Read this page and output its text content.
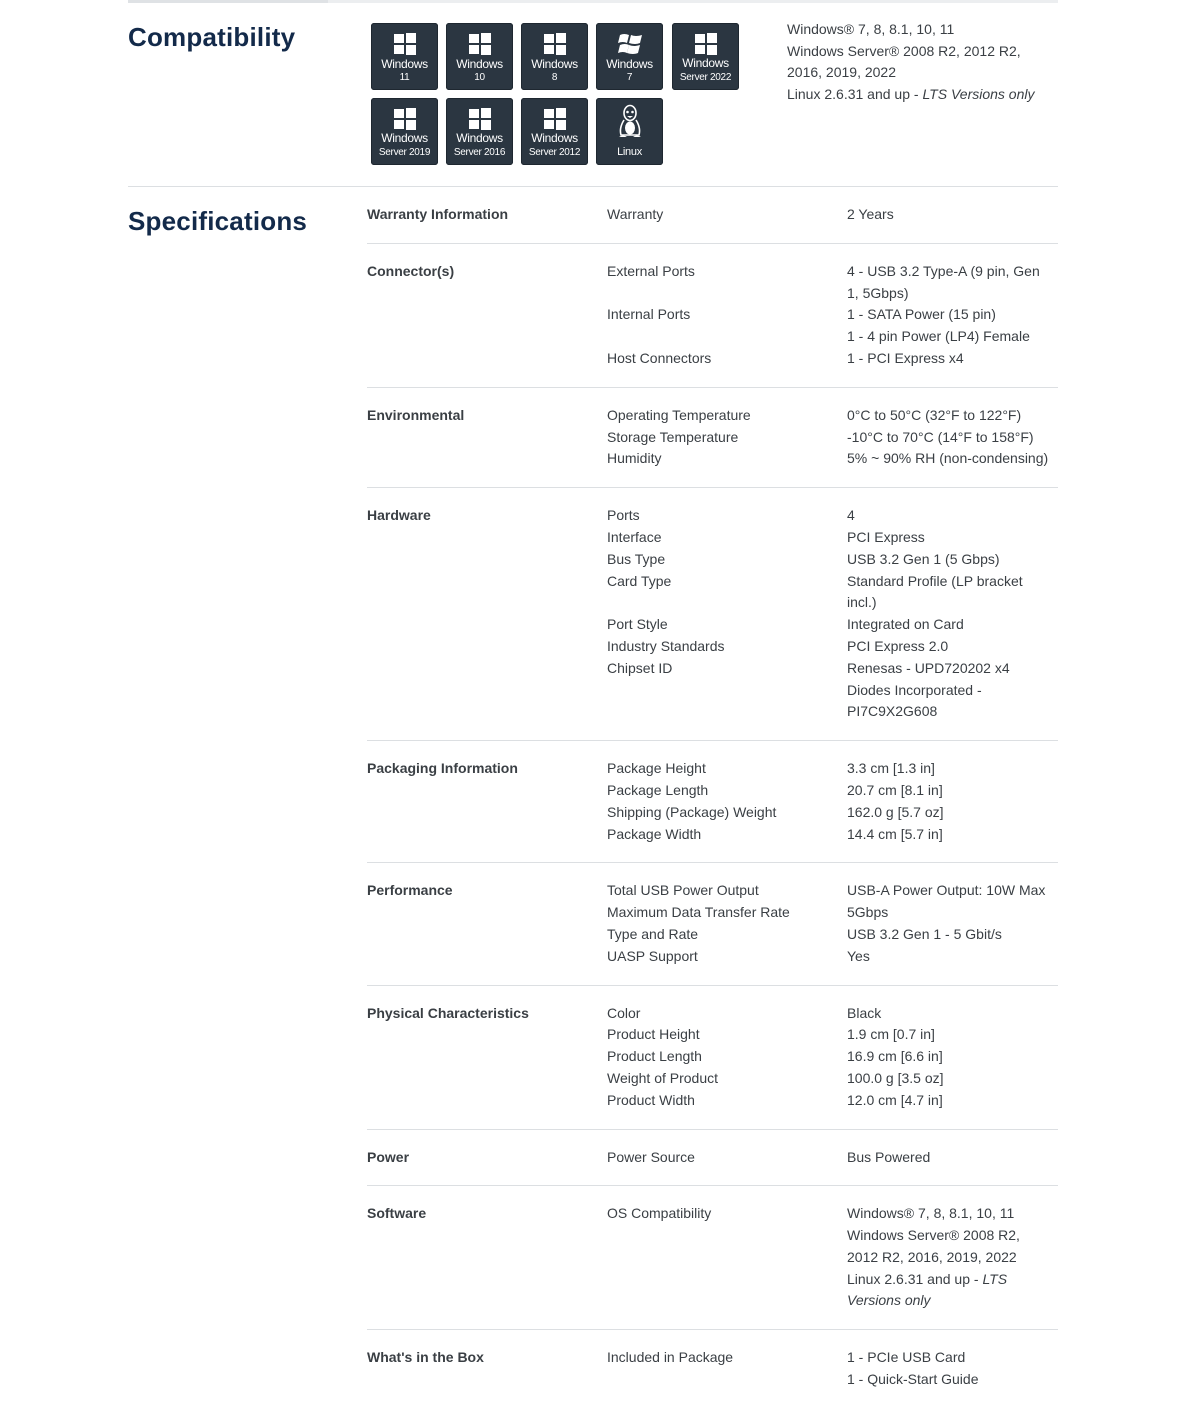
Compatibility
Windows
11
Windows
10
Windows
8
Windows
7
Windows
Server 2022
Windows
Server 2019
Windows
Server 2016
Windows
Server 2012	Linux
Windows® 7, 8, 8.1, 10, 11
Windows Server® 2008 R2, 2012 R2,
2016, 2019, 2022
Linux 2.6.31 and up - LTS Versions only
Specifications	Warranty Information	Warranty	2 Years
Connector(s)	External Ports	4 - USB 3.2 Type-A (9 pin, Gen
1, 5Gbps)
Internal Ports	1 - SATA Power (15 pin)
1 - 4 pin Power (LP4) Female
Host Connectors	1 - PCI Express x4
Environmental	Operating Temperature	0°C to 50°C (32°F to 122°F)
Storage Temperature	-10°C to 70°C (14°F to 158°F)
Humidity	5% ~ 90% RH (non-condensing)
Hardware	Ports	4
Interface	PCI Express
Bus Type	USB 3.2 Gen 1 (5 Gbps)
Card Type	Standard Profile (LP bracket
incl.)
Port Style	Integrated on Card
Industry Standards	PCI Express 2.0
Chipset ID	Renesas - UPD720202 x4
Diodes Incorporated -
PI7C9X2G608
Packaging Information	Package Height	3.3 cm [1.3 in]
Package Length	20.7 cm [8.1 in]
Shipping (Package) Weight	162.0 g [5.7 oz]
Package Width	14.4 cm [5.7 in]
Performance	Total USB Power Output	USB-A Power Output: 10W Max
Maximum Data Transfer Rate	5Gbps
Type and Rate	USB 3.2 Gen 1 - 5 Gbit/s
UASP Support	Yes
Physical Characteristics	Color	Black
Product Height	1.9 cm [0.7 in]
Product Length	16.9 cm [6.6 in]
Weight of Product	100.0 g [3.5 oz]
Product Width	12.0 cm [4.7 in]
Power	Power Source	Bus Powered
Software	OS Compatibility	Windows® 7, 8, 8.1, 10, 11
Windows Server® 2008 R2,
2012 R2, 2016, 2019, 2022
Linux 2.6.31 and up - LTS
Versions only
What's in the Box	Included in Package	1 - PCIe USB Card
1 - Quick-Start Guide
